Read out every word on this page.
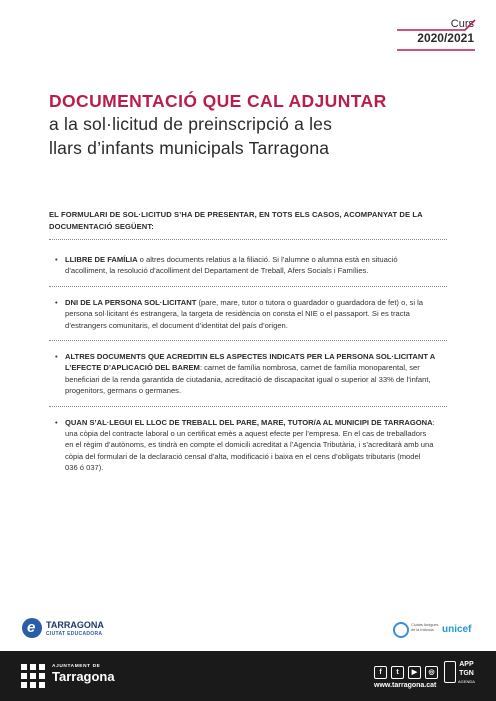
Curs
2020/2021
DOCUMENTACIÓ QUE CAL ADJUNTAR
a la sol·licitud de preinscripció a les
llars d’infants municipals Tarragona
EL FORMULARI DE SOL·LICITUD S’HA DE PRESENTAR, EN TOTS ELS CASOS, ACOMPANYAT DE LA DOCUMENTACIÓ SEGÜENT:
• LLIBRE DE FAMÍLIA o altres documents relatius a la filiació. Si l’alumne o alumna està en situació d’acolliment, la resolució d’acolliment del Departament de Treball, Afers Socials i Famílies.
• DNI DE LA PERSONA SOL·LICITANT (pare, mare, tutor o tutora o guardador o guardadora de fet) o, si la persona sol·licitant és estrangera, la targeta de residència on consta el NIE o el passaport. Si es tracta d’estrangers comunitaris, el document d’identitat del país d’origen.
• ALTRES DOCUMENTS QUE ACREDITIN ELS ASPECTES INDICATS PER LA PERSONA SOL·LICITANT A L’EFECTE D’APLICACIÓ DEL BAREM: carnet de família nombrosa, carnet de família monoparental, ser beneficiari de la renda garantida de ciutadania, acreditació de discapacitat igual o superior al 33% de l’infant, progenitors, germans o germanes.
• QUAN S’AL·LEGUI EL LLOC DE TREBALL DEL PARE, MARE, TUTOR/A AL MUNICIPI DE TARRAGONA: una còpia del contracte laboral o un certificat emès a aquest efecte per l’empresa. En el cas de treballadors en el règim d’autònoms, es tindrà en compte el domicili acreditat a l’Agencia Tributària, i s’acreditarà amb una còpia del formulari de la declaració censal d’alta, modificació i baixa en el cens d’obligats tributaris (model 036 ó 037).
e TARRAGONA
CIUTAT EDUCADORA
Ciutats Amigues de la Infància unicef
AJUNTAMENT DE
Tarragona	f t ▶ ◎
www.tarragona.cat
APP
TGN
AGENDA
